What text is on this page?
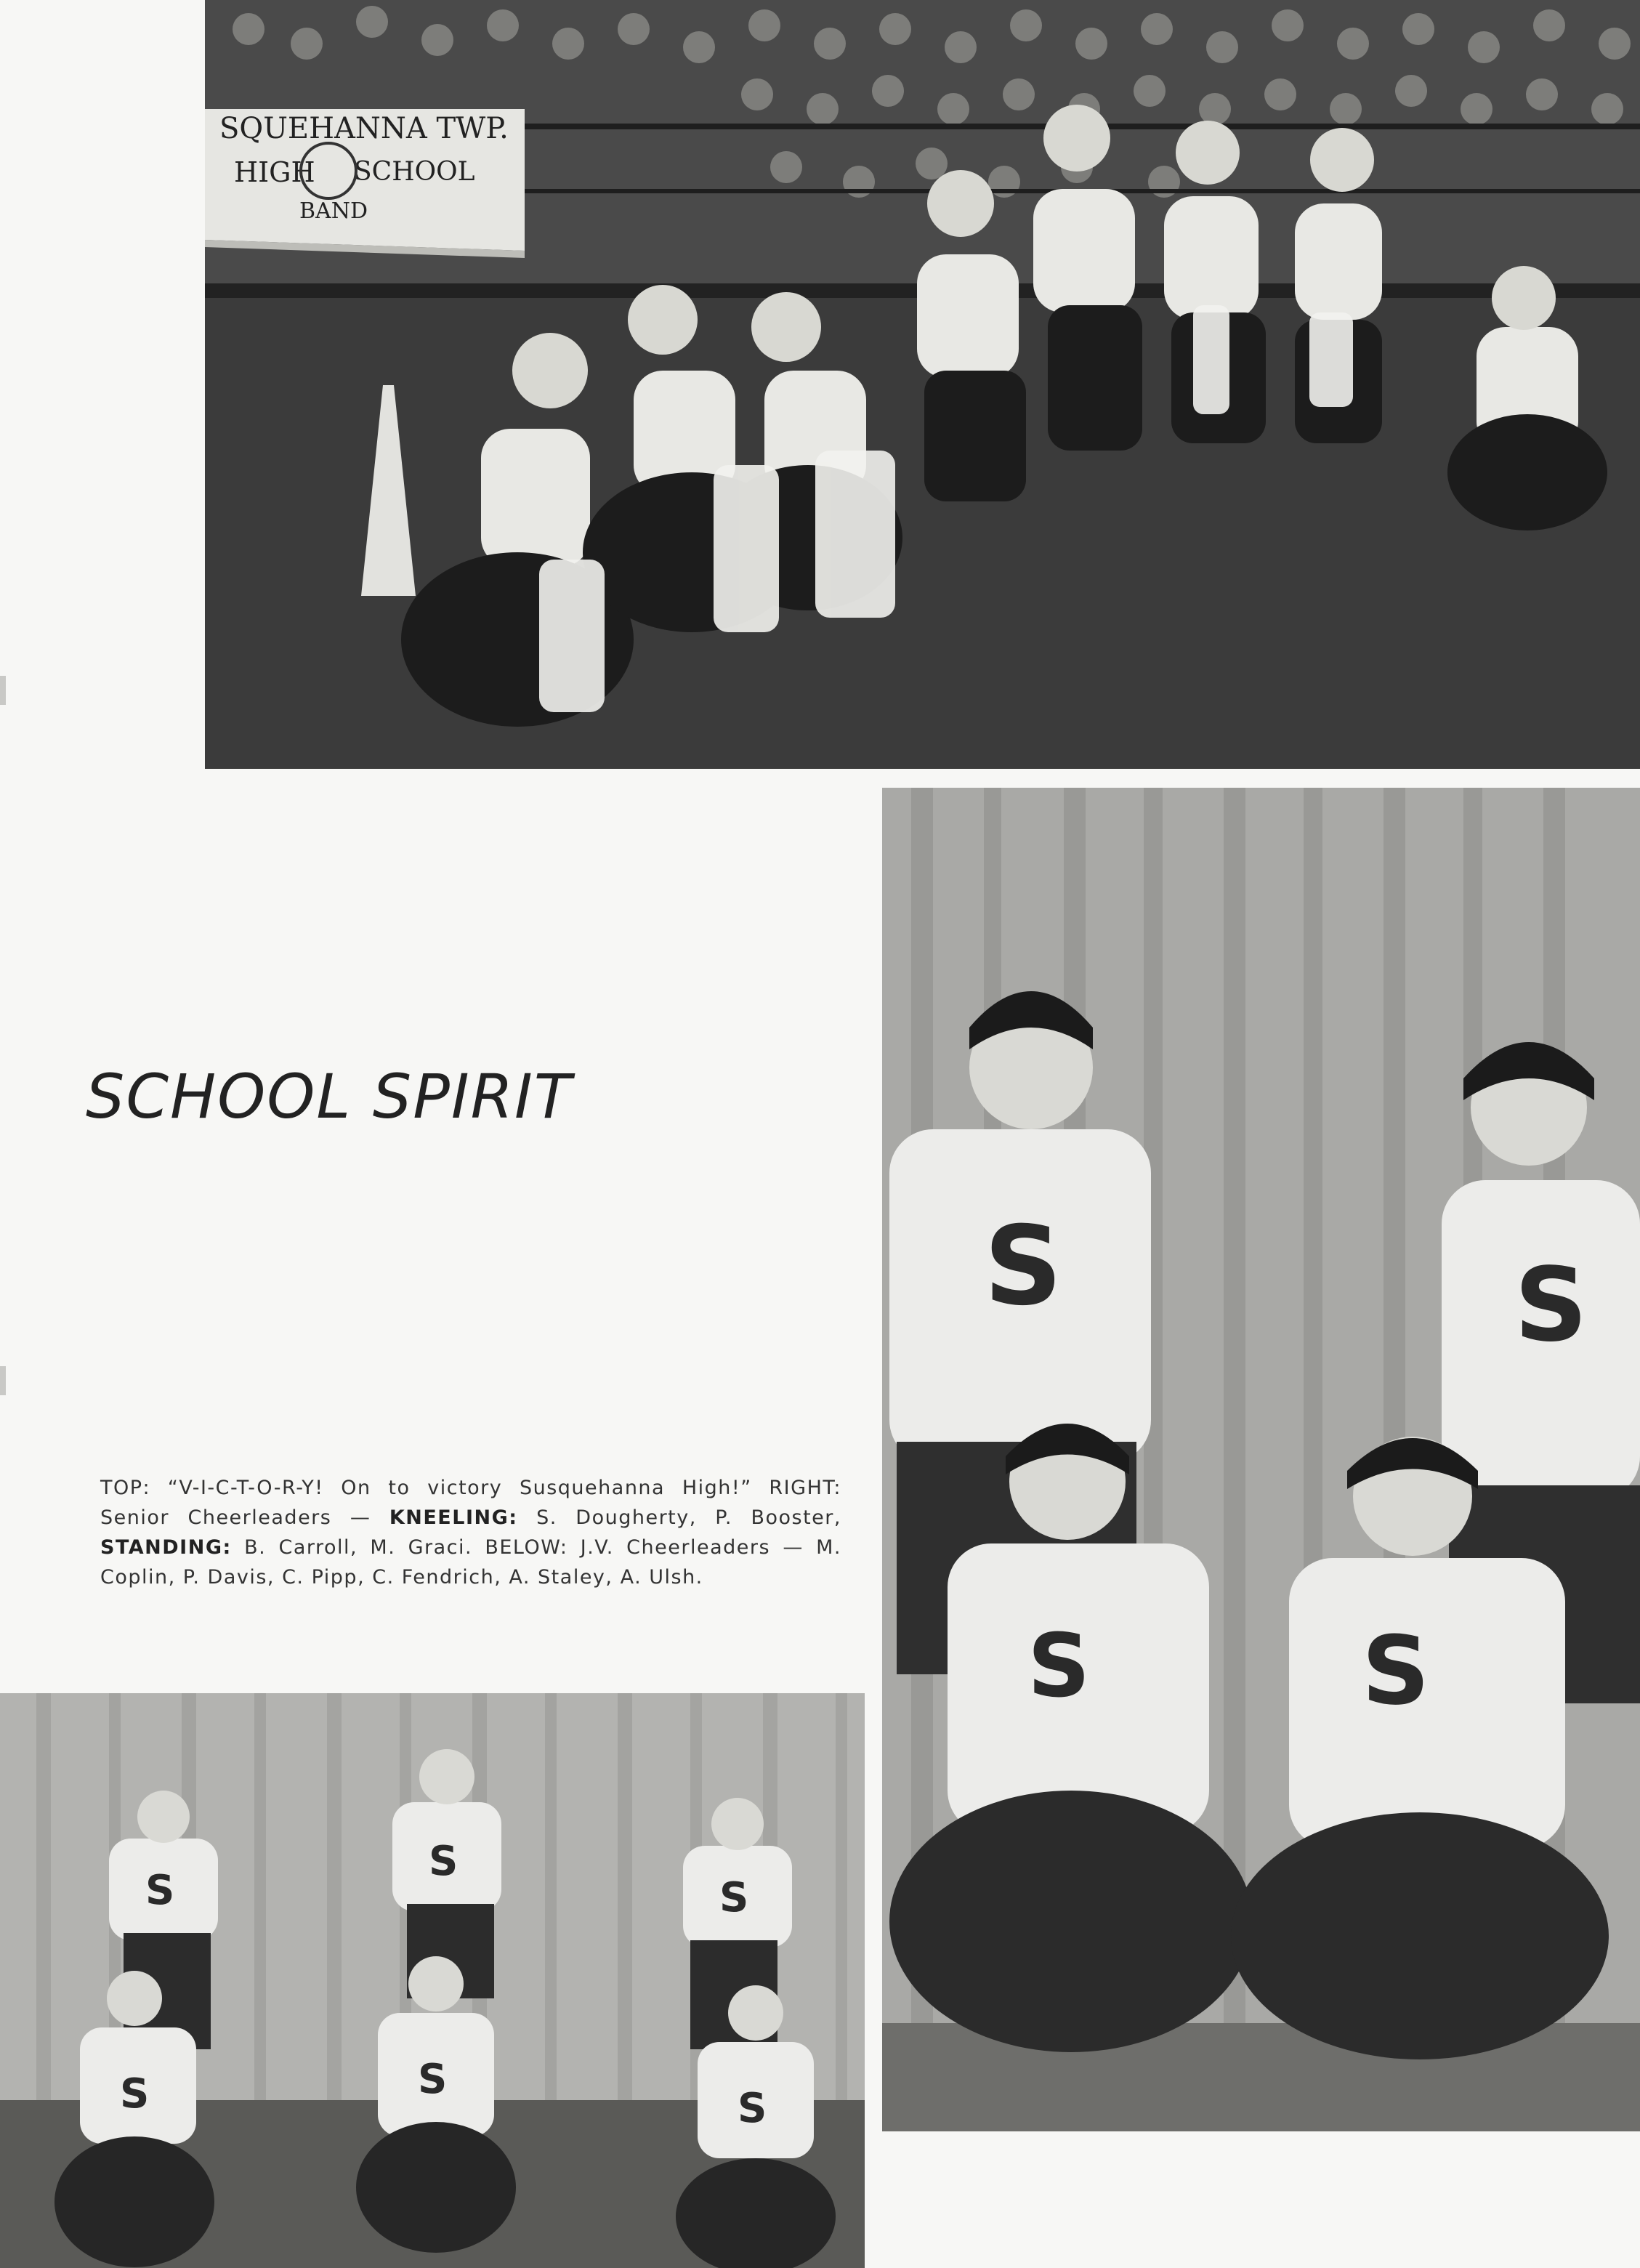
SQUEHANNA TWP.
HIGH SCHOOL
BAND
SCHOOL SPIRIT

TOP: “V-I-C-T-O-R-Y! On to victory Susquehanna High!” RIGHT: Senior Cheerleaders — KNEELING: S. Dougherty, P. Booster, STANDING: B. Carroll, M. Graci. BELOW: J.V. Cheerleaders — M. Coplin, P. Davis, C. Pipp, C. Fendrich, A. Staley, A. Ulsh.

S	S
S	S
S
S
S
S	S
S
